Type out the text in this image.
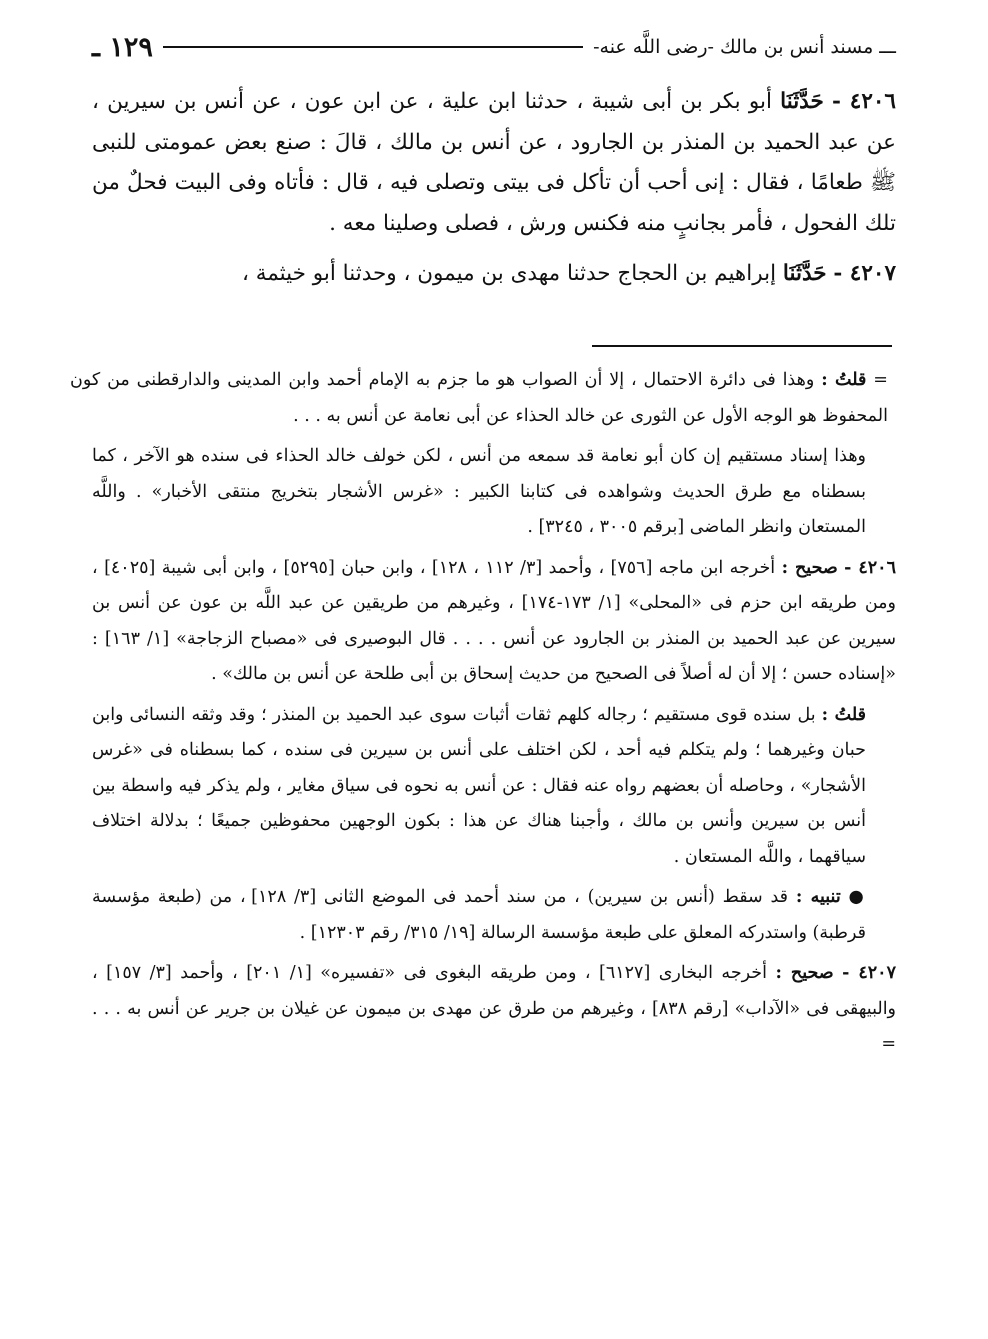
ـــ مسند أنس بن مالك -رضى اللَّه عنه-
١٢٩ ـ

٤٢٠٦ - حَدَّثَنَا أبو بكر بن أبى شيبة ، حدثنا ابن علية ، عن ابن عون ، عن أنس بن سيرين ، عن عبد الحميد بن المنذر بن الجارود ، عن أنس بن مالك ، قالَ : صنع بعض عمومتى للنبى ﷺ طعامًا ، فقال : إنى أحب أن تأكل فى بيتى وتصلى فيه ، قال : فأتاه وفى البيت فحلٌ من تلك الفحول ، فأمر بجانبٍ منه فكنس ورش ، فصلى وصلينا معه .

٤٢٠٧ - حَدَّثَنَا إبراهيم بن الحجاج حدثنا مهدى بن ميمون ، وحدثنا أبو خيثمة ،

= قلتُ : وهذا فى دائرة الاحتمال ، إلا أن الصواب هو ما جزم به الإمام أحمد وابن المدينى والدارقطنى من كون المحفوظ هو الوجه الأول عن الثورى عن خالد الحذاء عن أبى نعامة عن أنس به . . .

وهذا إسناد مستقيم إن كان أبو نعامة قد سمعه من أنس ، لكن خولف خالد الحذاء فى سنده هو الآخر ، كما بسطناه مع طرق الحديث وشواهده فى كتابنا الكبير : «غرس الأشجار بتخريج منتقى الأخبار» . واللَّه المستعان وانظر الماضى [برقم ٣٠٠٥ ، ٣٢٤٥] .

٤٢٠٦ - صحيح : أخرجه ابن ماجه [٧٥٦] ، وأحمد [٣/ ١١٢ ، ١٢٨] ، وابن حبان [٥٢٩٥] ، وابن أبى شيبة [٤٠٢٥] ، ومن طريقه ابن حزم فى «المحلى» [١/ ١٧٣-١٧٤] ، وغيرهم من طريقين عن عبد اللَّه بن عون عن أنس بن سيرين عن عبد الحميد بن المنذر بن الجارود عن أنس . . . . قال البوصيرى فى «مصباح الزجاجة» [١/ ١٦٣] : «إسناده حسن ؛ إلا أن له أصلاً فى الصحيح من حديث إسحاق بن أبى طلحة عن أنس بن مالك» .

قلتُ : بل سنده قوى مستقيم ؛ رجاله كلهم ثقات أثبات سوى عبد الحميد بن المنذر ؛ وقد وثقه النسائى وابن حبان وغيرهما ؛ ولم يتكلم فيه أحد ، لكن اختلف على أنس بن سيرين فى سنده ، كما بسطناه فى «غرس الأشجار» ، وحاصله أن بعضهم رواه عنه فقال : عن أنس به نحوه فى سياق مغاير ، ولم يذكر فيه واسطة بين أنس بن سيرين وأنس بن مالك ، وأجبنا هناك عن هذا : بكون الوجهين محفوظين جميعًا ؛ بدلالة اختلاف سياقهما ، واللَّه المستعان .

● تنبيه : قد سقط (أنس بن سيرين) ، من سند أحمد فى الموضع الثانى [٣/ ١٢٨] ، من (طبعة مؤسسة قرطبة) واستدركه المعلق على طبعة مؤسسة الرسالة [١٩/ ٣١٥/ رقم ١٢٣٠٣] .

٤٢٠٧ - صحيح : أخرجه البخارى [٦١٢٧] ، ومن طريقه البغوى فى «تفسيره» [١/ ٢٠١] ، وأحمد [٣/ ١٥٧] ، والبيهقى فى «الآداب» [رقم ٨٣٨] ، وغيرهم من طرق عن مهدى بن ميمون عن غيلان بن جرير عن أنس به . . . =
